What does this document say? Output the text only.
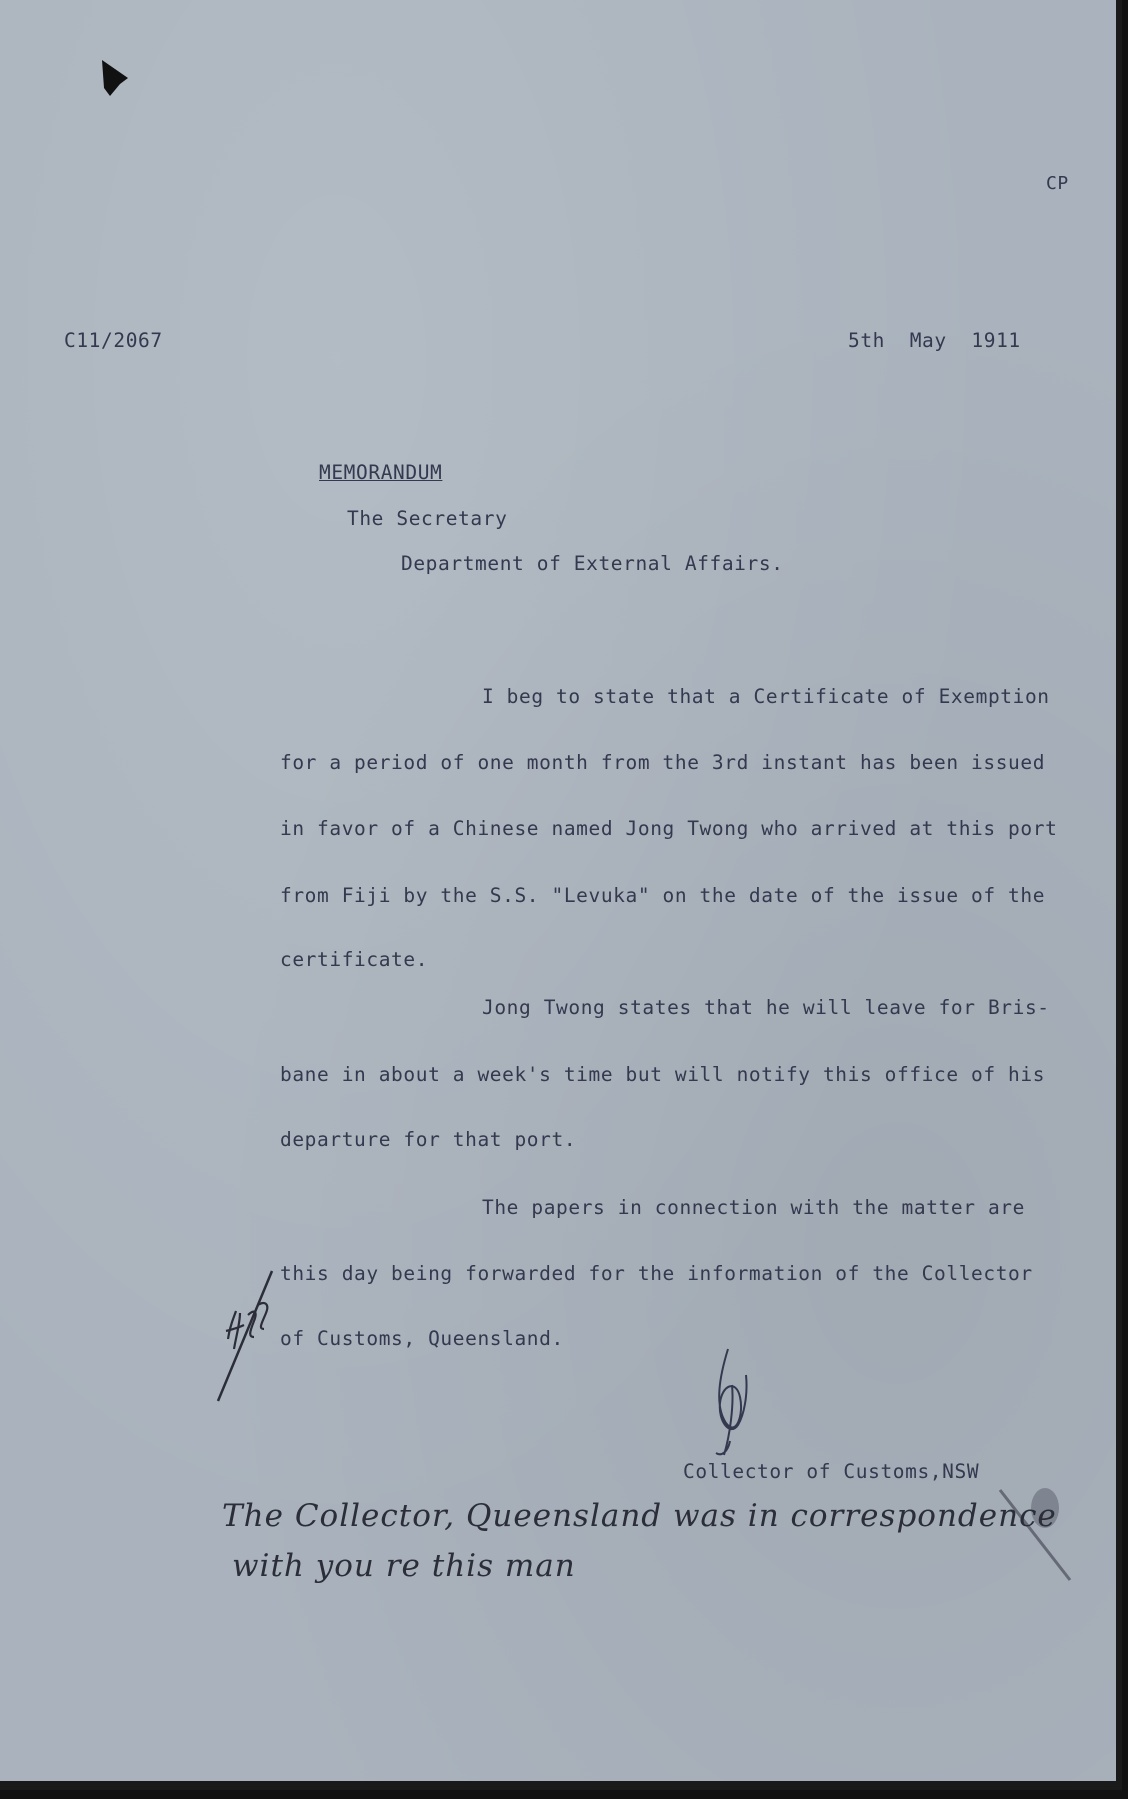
CP
C11/2067	5th  May  1911
MEMORANDUM
The Secretary
Department of External Affairs.
I beg to state that a Certificate of Exemption
for a period of one month from the 3rd instant has been issued
in favor of a Chinese named Jong Twong who arrived at this port
from Fiji by the S.S. "Levuka" on the date of the issue of the
certificate.
Jong Twong states that he will leave for Bris-
bane in about a week's time but will notify this office of his
departure for that port.
The papers in connection with the matter are
this day being forwarded for the information of the Collector
of Customs, Queensland.
Collector of Customs,NSW
The Collector, Queensland was in correspondence
with you re this man
